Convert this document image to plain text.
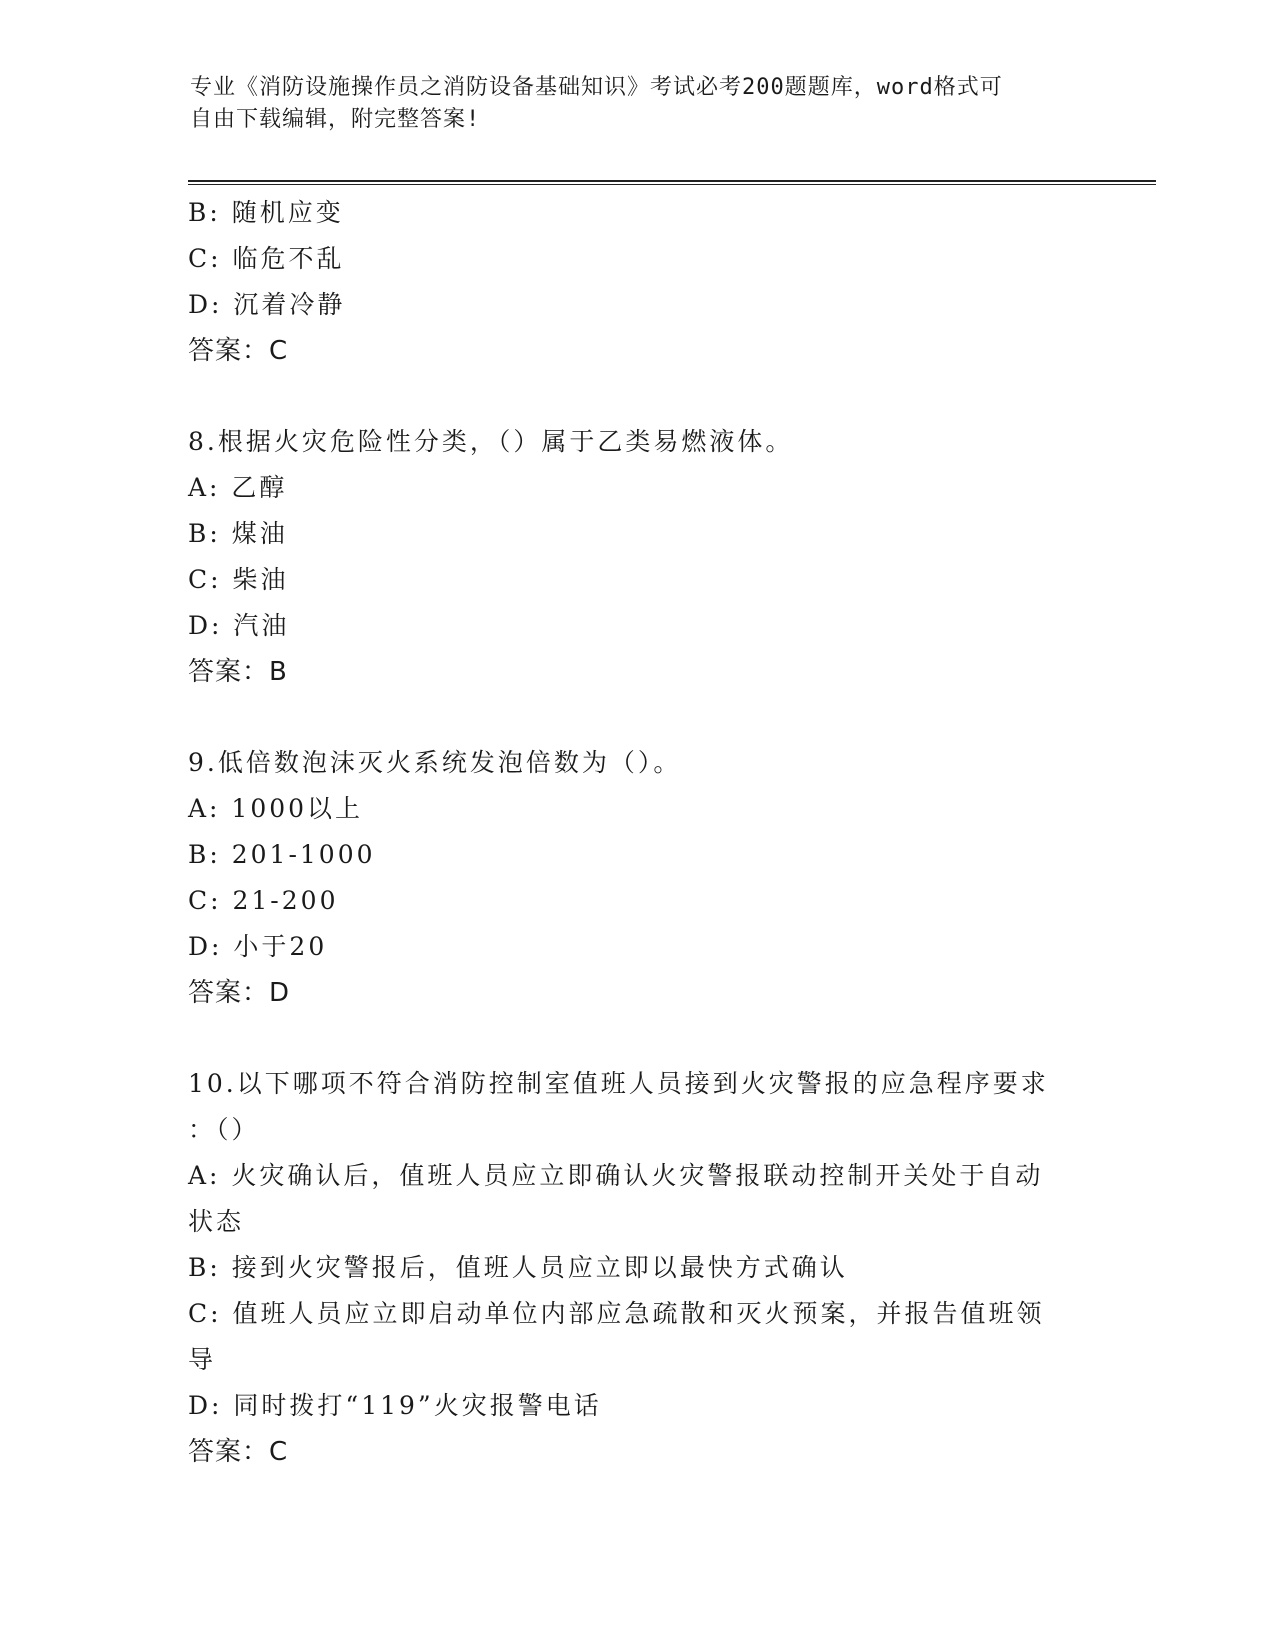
专业《消防设施操作员之消防设备基础知识》考试必考200题题库，word格式可
自由下载编辑，附完整答案!
B: 随机应变
C: 临危不乱
D: 沉着冷静
答案：C
8.根据火灾危险性分类，（）属于乙类易燃液体。
A: 乙醇
B: 煤油
C: 柴油
D: 汽油
答案：B
9.低倍数泡沫灭火系统发泡倍数为（）。
A: 1000以上
B: 201-1000
C: 21-200
D: 小于20
答案：D
10.以下哪项不符合消防控制室值班人员接到火灾警报的应急程序要求
：（）
A: 火灾确认后，值班人员应立即确认火灾警报联动控制开关处于自动
状态
B: 接到火灾警报后，值班人员应立即以最快方式确认
C: 值班人员应立即启动单位内部应急疏散和灭火预案，并报告值班领
导
D: 同时拨打“119”火灾报警电话
答案：C
